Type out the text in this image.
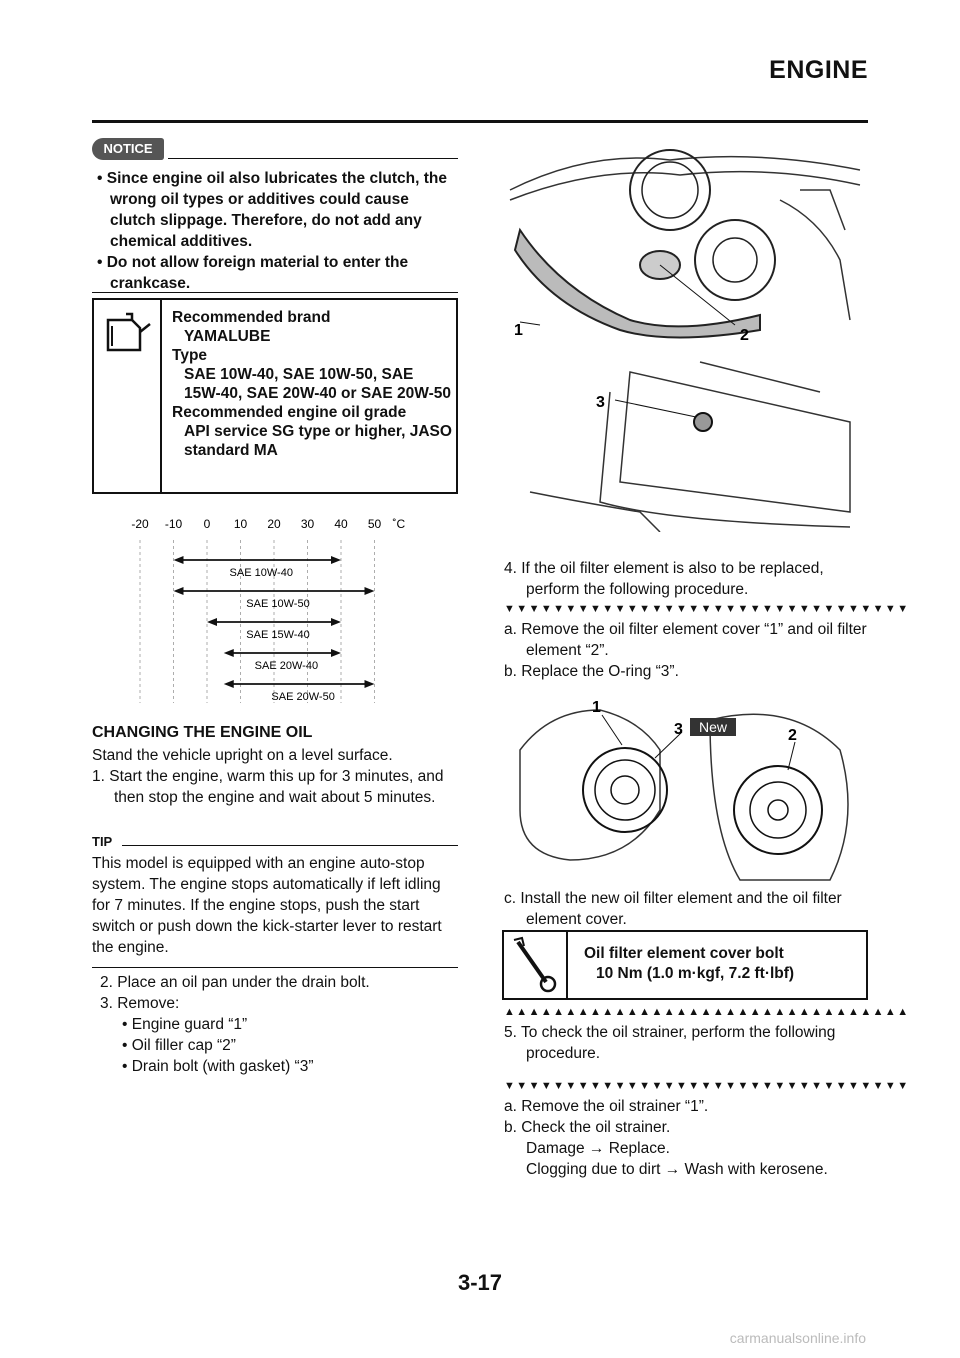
ENGINE
NOTICE

• Since engine oil also lubricates the clutch, the wrong oil types or additives could cause clutch slippage. Therefore, do not add any chemical additives.

• Do not allow foreign material to enter the crankcase.

Recommended brand
YAMALUBE
Type
SAE 10W-40, SAE 10W-50, SAE 15W-40, SAE 20W-40 or SAE 20W-50
Recommended engine oil grade
API service SG type or higher, JASO standard MA
-20 -10 0 10 20 30 40 50 ˚C
SAE 10W-40
SAE 10W-50
SAE 15W-40
SAE 20W-40
SAE 20W-50
CHANGING THE ENGINE OIL
Stand the vehicle upright on a level surface.

1. Start the engine, warm this up for 3 minutes, and then stop the engine and wait about 5 minutes.

TIP
This model is equipped with an engine auto-stop system. The engine stops automatically if left idling for 7 minutes. If the engine stops, push the start switch or push down the kick-starter lever to restart the engine.
2. Place an oil pan under the drain bolt.
3. Remove:
• Engine guard “1”
• Oil filler cap “2”
• Drain bolt (with gasket) “3”
1	2
3

4. If the oil filter element is also to be replaced, perform the following procedure.

▼▼▼▼▼▼▼▼▼▼▼▼▼▼▼▼▼▼▼▼▼▼▼▼▼▼▼▼▼▼▼▼▼

a. Remove the oil filter element cover “1” and oil filter element “2”.

b. Replace the O-ring “3”.

1
3	2
New

c. Install the new oil filter element and the oil filter element cover.

Oil filter element cover bolt
10 Nm (1.0 m·kgf, 7.2 ft·lbf)
▲▲▲▲▲▲▲▲▲▲▲▲▲▲▲▲▲▲▲▲▲▲▲▲▲▲▲▲▲▲▲▲▲

5. To check the oil strainer, perform the following procedure.

▼▼▼▼▼▼▼▼▼▼▼▼▼▼▼▼▼▼▼▼▼▼▼▼▼▼▼▼▼▼▼▼▼

a. Remove the oil strainer “1”.

b. Check the oil strainer.

Damage → Replace.
Clogging due to dirt → Wash with kerosene.
3-17
carmanualsonline.info
